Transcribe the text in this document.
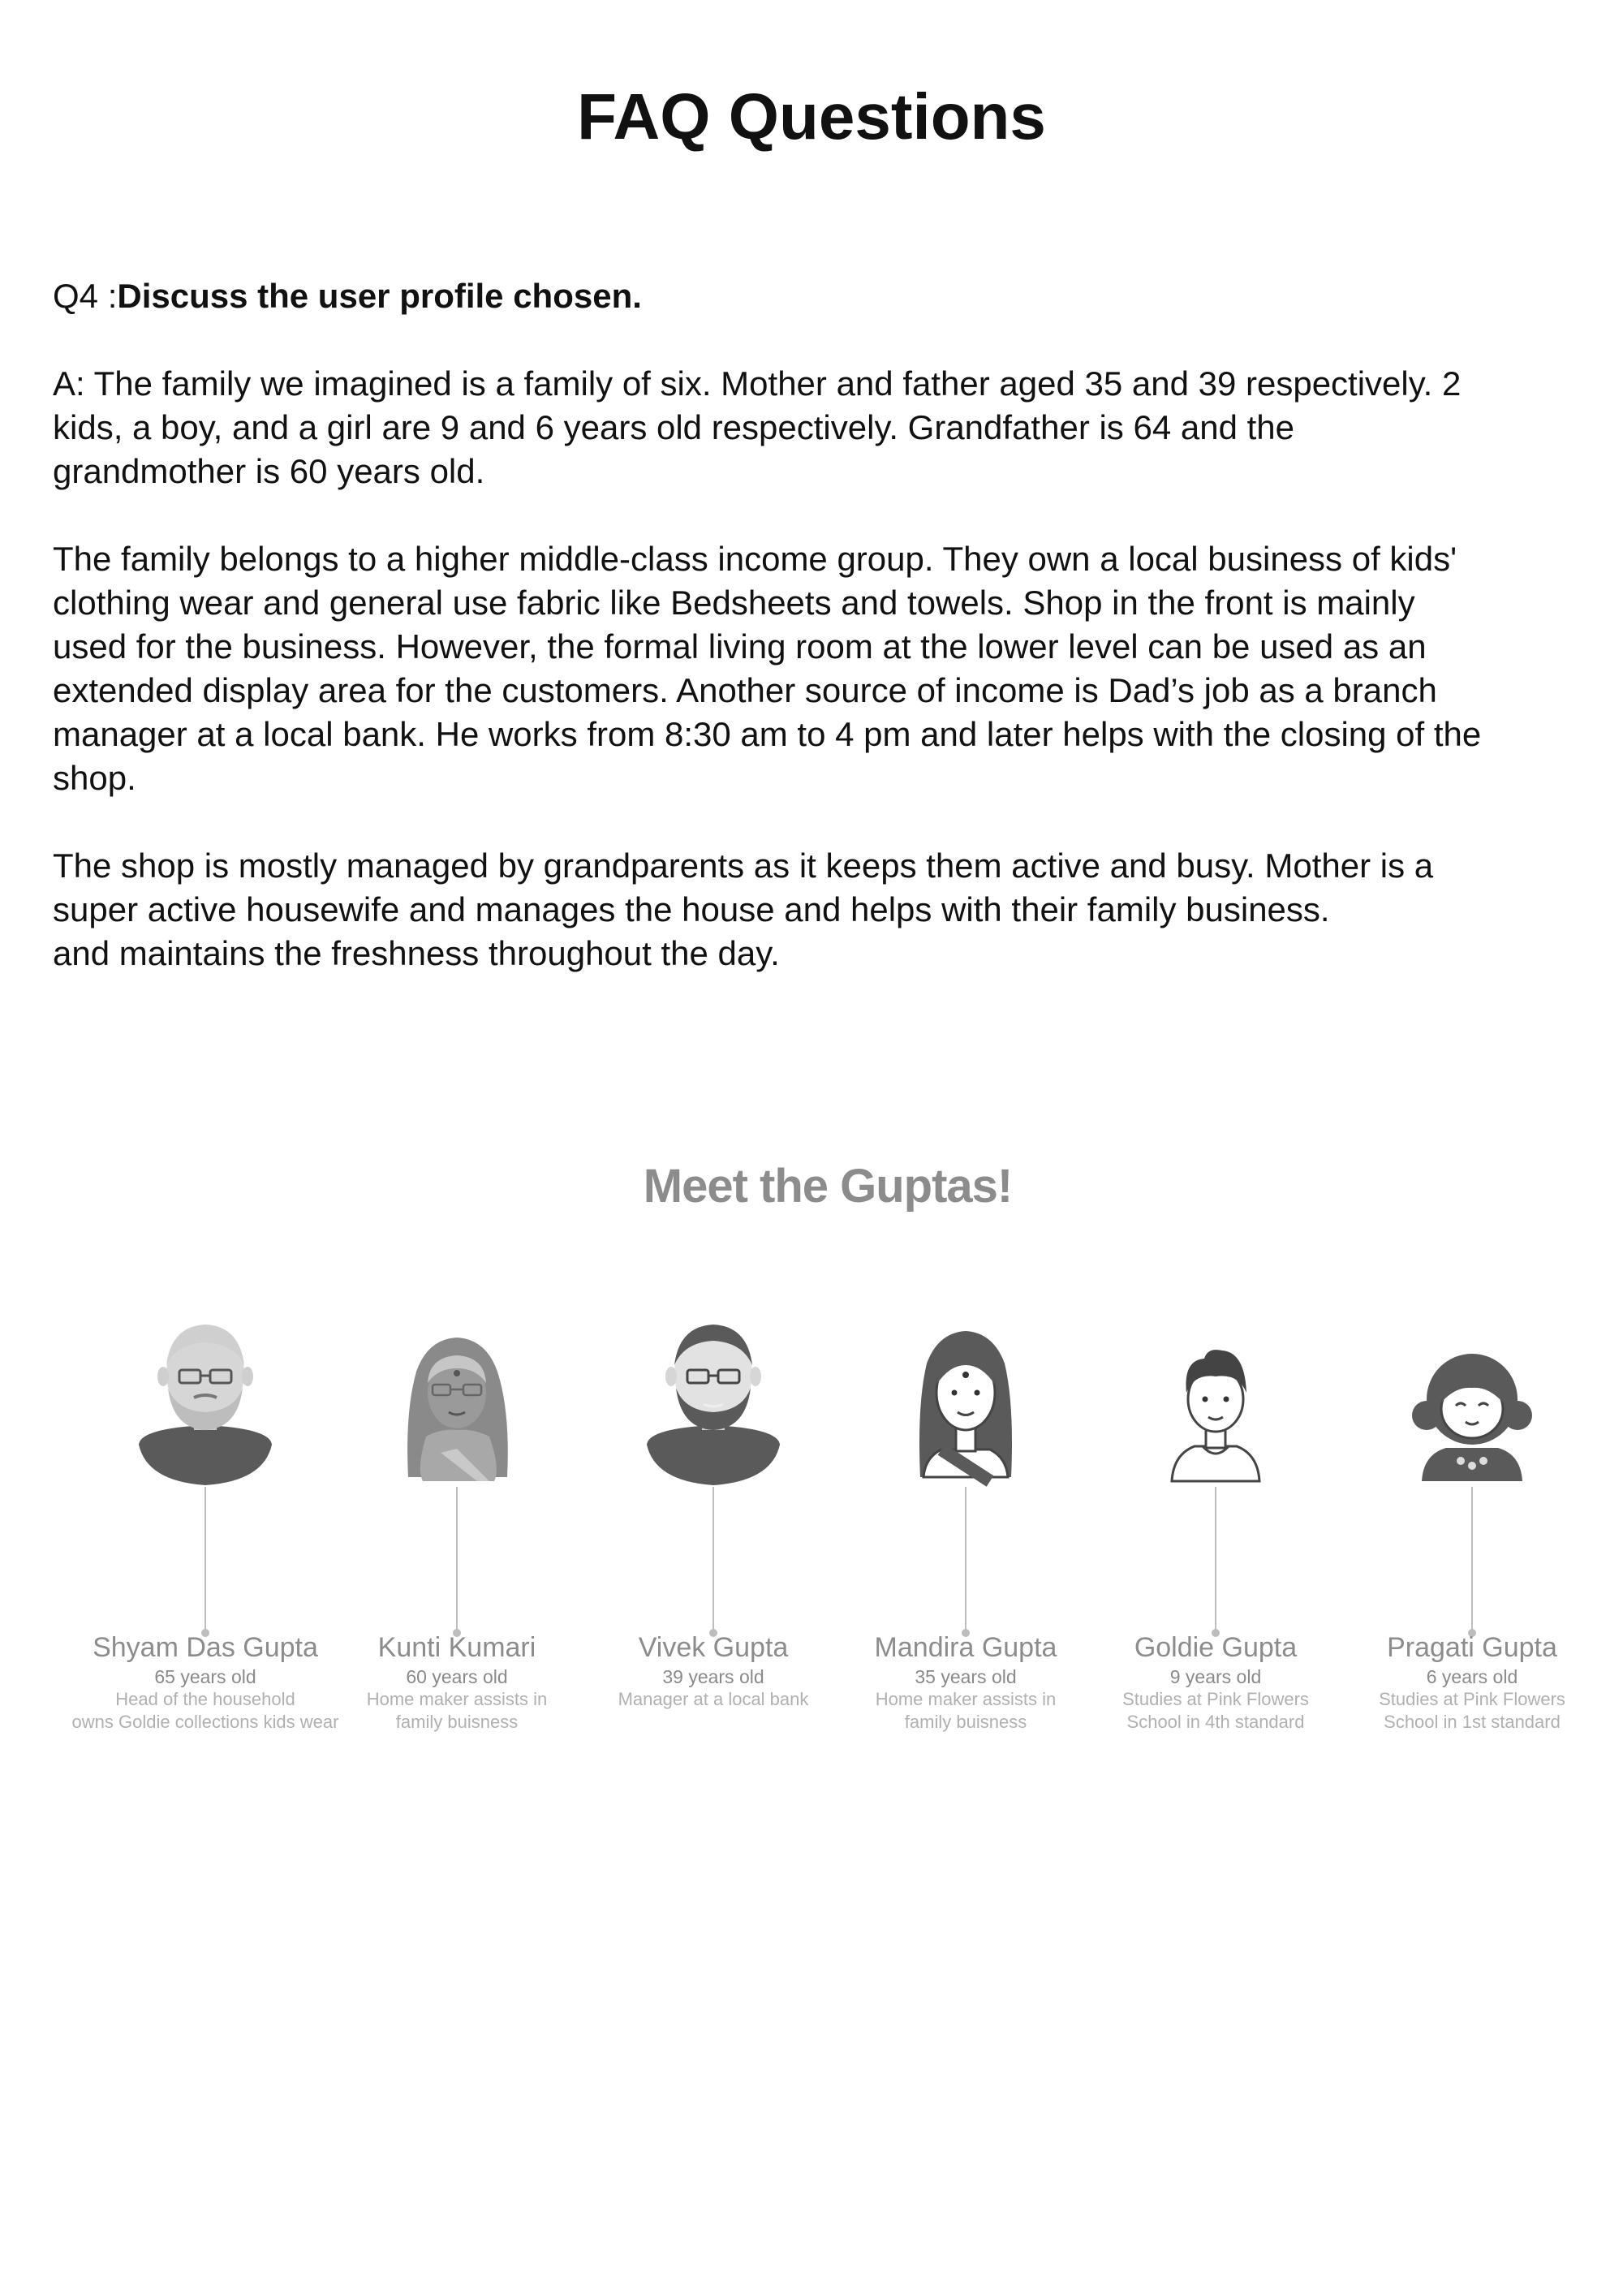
FAQ Questions

Q4 :Discuss the user profile chosen.

A: The family we imagined is a family of six. Mother and father aged 35 and 39 respectively. 2
kids, a boy, and a girl are 9 and 6 years old respectively. Grandfather is 64 and the
grandmother is 60 years old.

The family belongs to a higher middle-class income group. They own a local business of kids'
clothing wear and general use fabric like Bedsheets and towels. Shop in the front is mainly
used for the business. However, the formal living room at the lower level can be used as an
extended display area for the customers. Another source of income is Dad’s job as a branch
manager at a local bank. He works from 8:30 am to 4 pm and later helps with the closing of the
shop.

The shop is mostly managed by grandparents as it keeps them active and busy. Mother is a
super active housewife and manages the house and helps with their family business.
and maintains the freshness throughout the day.

Meet the Guptas!
Shyam Das Gupta
65 years old
Head of the household
owns Goldie collections kids wear
Kunti Kumari
60 years old
Home maker assists in
family buisness
Vivek Gupta
39 years old
Manager at a local bank
Mandira Gupta
35 years old
Home maker assists in
family buisness
Goldie Gupta
9 years old
Studies at Pink Flowers
School in 4th standard
Pragati Gupta
6 years old
Studies at Pink Flowers
School in 1st standard
